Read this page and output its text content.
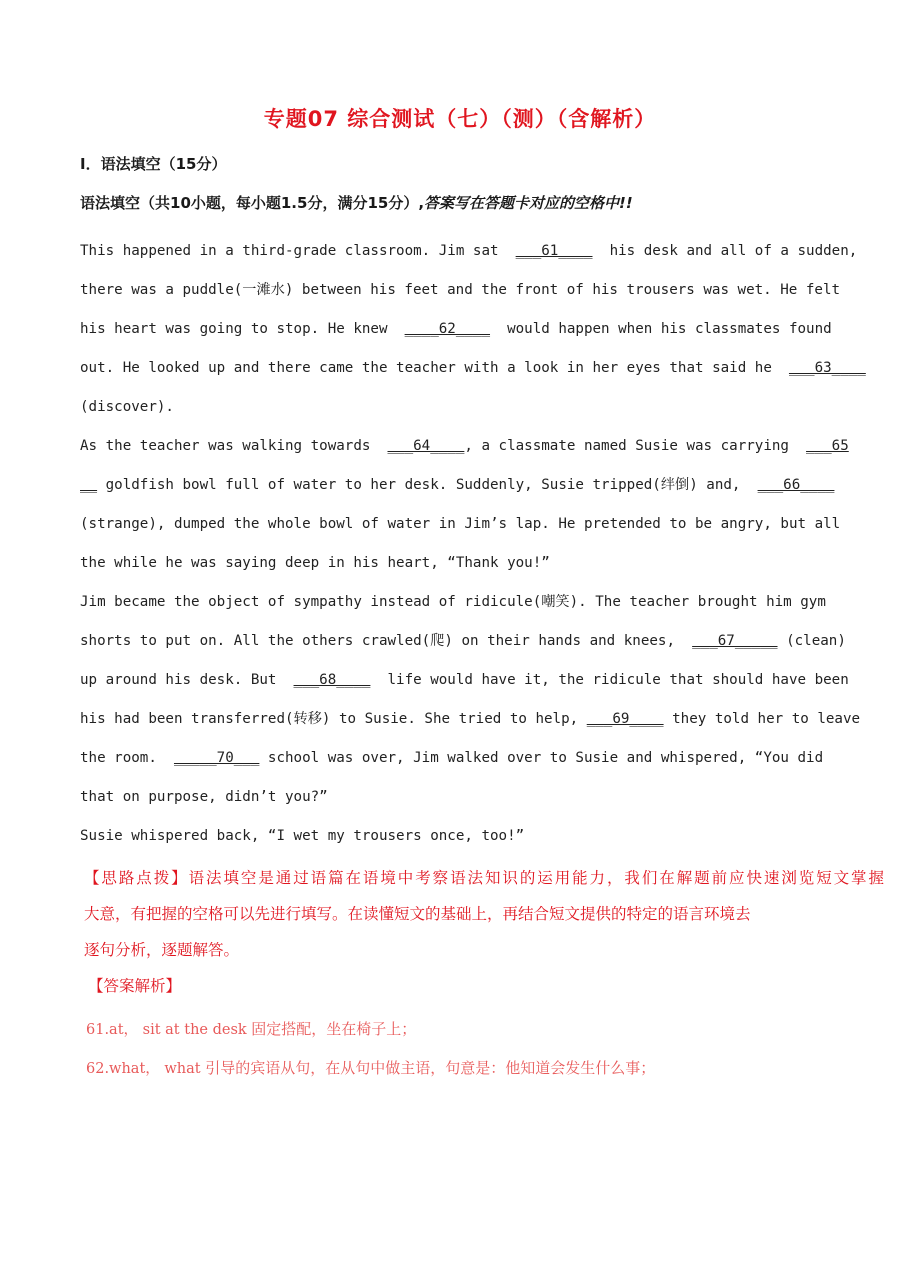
专题07 综合测试（七）（测）（含解析）
I．语法填空（15分）
语法填空（共10小题，每小题1.5分，满分15分）,答案写在答题卡对应的空格中!!
This happened in a third-grade classroom. Jim sat  ___61____  his desk and all of a sudden,
there was a puddle(一滩水) between his feet and the front of his trousers was wet. He felt
his heart was going to stop. He knew  ____62____  would happen when his classmates found
out. He looked up and there came the teacher with a look in her eyes that said he  ___63____
(discover).
As the teacher was walking towards  ___64____, a classmate named Susie was carrying  ___65
__ goldfish bowl full of water to her desk. Suddenly, Susie tripped(绊倒) and,  ___66____
(strange), dumped the whole bowl of water in Jim’s lap. He pretended to be angry, but all
the while he was saying deep in his heart, “Thank you!”
Jim became the object of sympathy instead of ridicule(嘲笑). The teacher brought him gym
shorts to put on. All the others crawled(爬) on their hands and knees,  ___67_____ (clean)
up around his desk. But  ___68____  life would have it, the ridicule that should have been
his had been transferred(转移) to Susie. She tried to help, ___69____ they told her to leave
the room.  _____70___ school was over, Jim walked over to Susie and whispered, “You did
that on purpose, didn’t you?”
Susie whispered back, “I wet my trousers once, too!”
【思路点拨】语法填空是通过语篇在语境中考察语法知识的运用能力，我们在解题前应快速浏览短文掌握
大意，有把握的空格可以先进行填写。在读懂短文的基础上，再结合短文提供的特定的语言环境去
逐句分析，逐题解答。
【答案解析】
61.at， sit at the desk 固定搭配，坐在椅子上；
62.what， what 引导的宾语从句，在从句中做主语，句意是：他知道会发生什么事；
